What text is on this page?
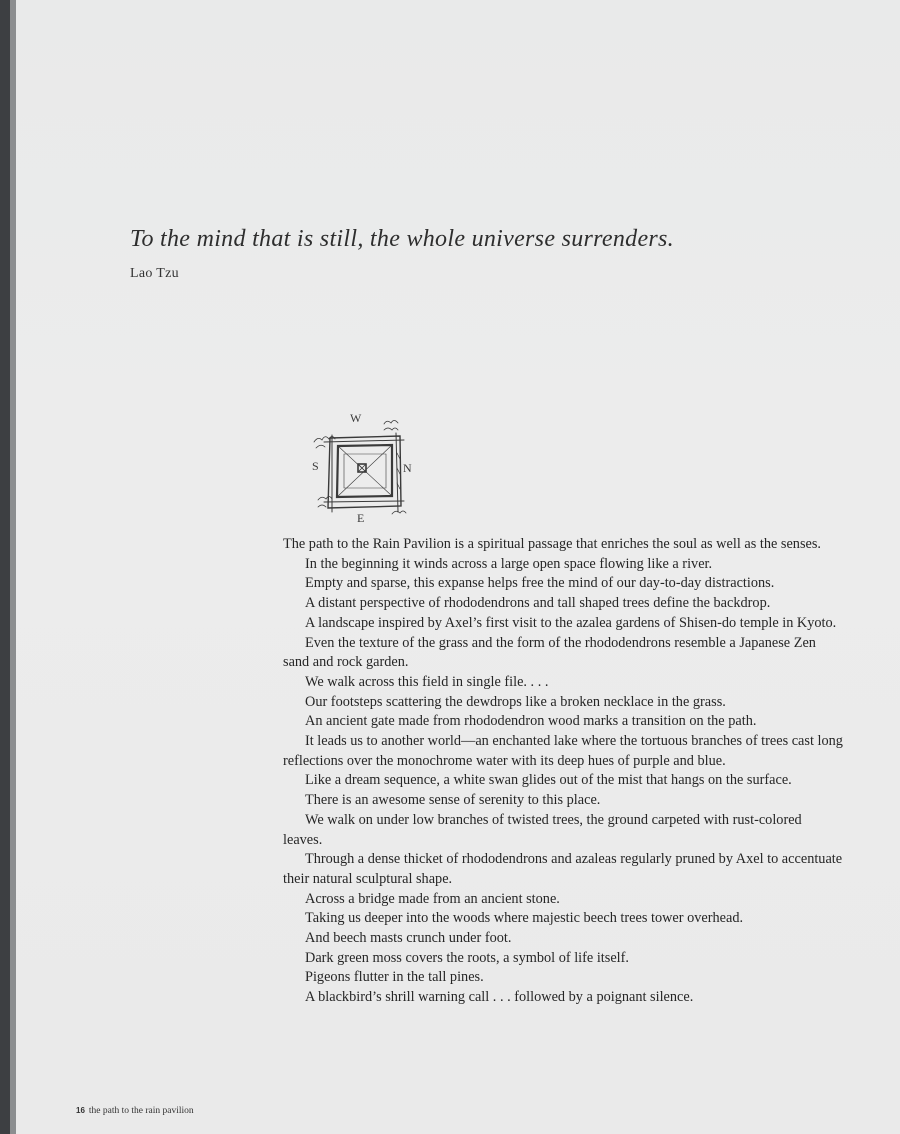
To the mind that is still, the whole universe surrenders.
Lao Tzu
W
S	N
E

The path to the Rain Pavilion is a spiritual passage that enriches the soul as well as the senses.

In the beginning it winds across a large open space flowing like a river.

Empty and sparse, this expanse helps free the mind of our day-to-day distractions.

A distant perspective of rhododendrons and tall shaped trees define the backdrop.

A landscape inspired by Axel’s first visit to the azalea gardens of Shisen-do temple in Kyoto.

Even the texture of the grass and the form of the rhododendrons resemble a Japanese Zen sand and rock garden.

We walk across this field in single file. . . .

Our footsteps scattering the dewdrops like a broken necklace in the grass.

An ancient gate made from rhododendron wood marks a transition on the path.

It leads us to another world—an enchanted lake where the tortuous branches of trees cast long reflections over the monochrome water with its deep hues of purple and blue.

Like a dream sequence, a white swan glides out of the mist that hangs on the surface.

There is an awesome sense of serenity to this place.

We walk on under low branches of twisted trees, the ground carpeted with rust-colored leaves.

Through a dense thicket of rhododendrons and azaleas regularly pruned by Axel to accentuate their natural sculptural shape.

Across a bridge made from an ancient stone.

Taking us deeper into the woods where majestic beech trees tower overhead.

And beech masts crunch under foot.

Dark green moss covers the roots, a symbol of life itself.

Pigeons flutter in the tall pines.

A blackbird’s shrill warning call . . . followed by a poignant silence.

16 the path to the rain pavilion
